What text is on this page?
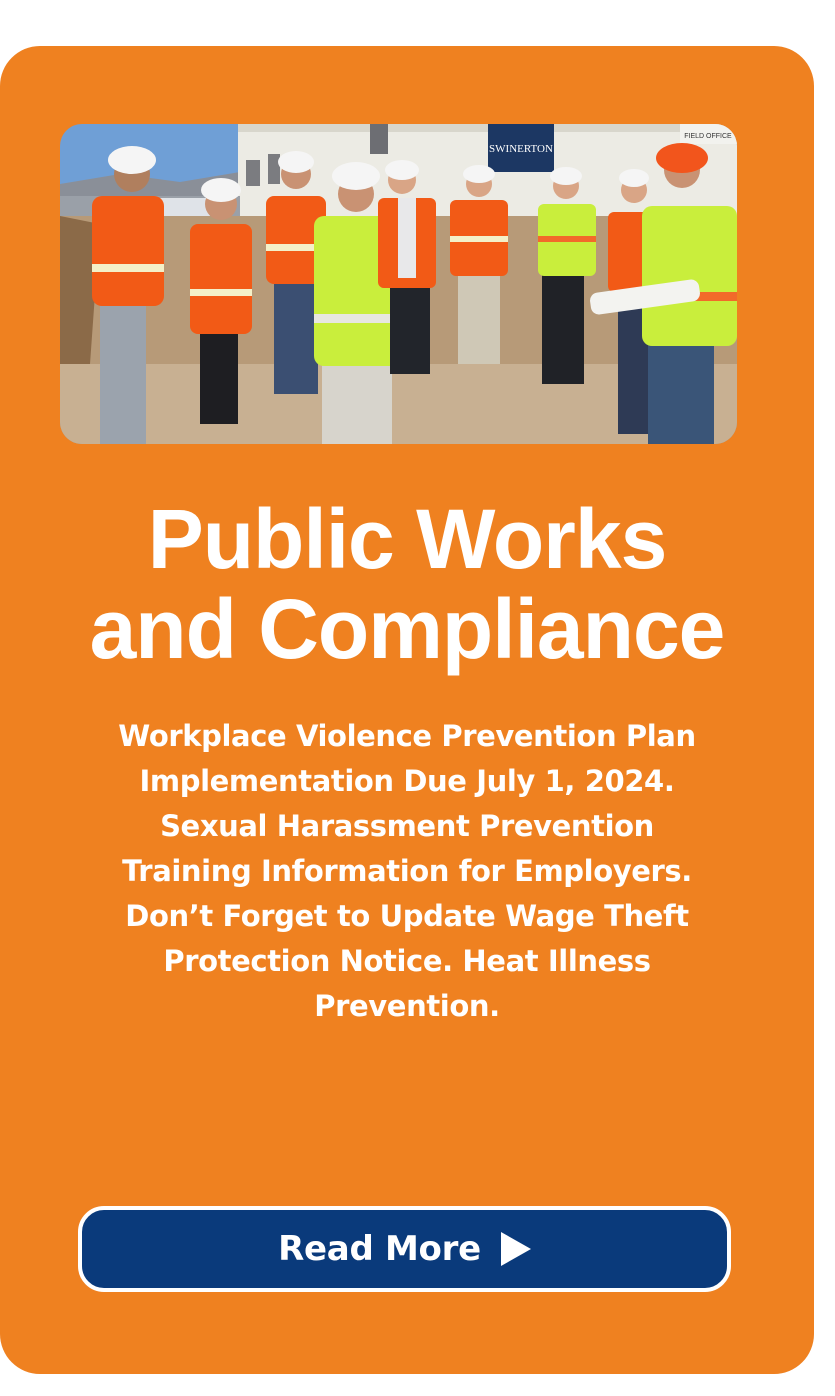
SWINERTON
FIELD OFFICE
Public Works
and Compliance

Workplace Violence Prevention Plan Implementation Due July 1, 2024. Sexual Harassment Prevention Training Information for Employers. Don’t Forget to Update Wage Theft Protection Notice. Heat Illness Prevention.

Read More
